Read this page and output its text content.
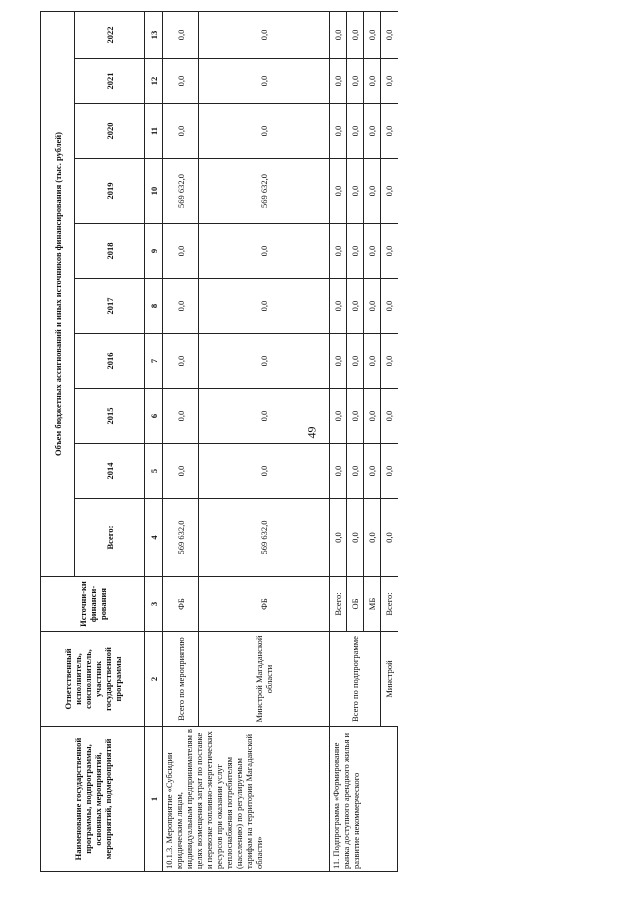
49
Наименование государственной программы, подпрограммы, основных мероприятий, мероприятий, подмероприятий	Ответственный исполнитель, соисполнитель, участник государственной программы	Источни-ки финанси-рования	Объем бюджетных ассигнований и иных источников финансирования (тыс. рублей)									
			Всего:	2014	2015	2016	2017	2018	2019	2020	2021	2022
1	2	3	4	5	6	7	8	9	10	11	12	13
10.1.3. Мероприятие «Субсидии юридическим лицам, индивидуальным предпринимателям в целях возмещения затрат по поставке и перевозке топливно-энергетических ресурсов при оказании услуг теплоснабжения потребителям (населению) по регулируемым тарифам на территории Магаданской области»	Всего по мероприятию	ФБ	569 632,0	0,0	0,0	0,0	0,0	0,0	569 632,0	0,0	0,0	0,0
	Минстрой Магаданской области	ФБ	569 632,0	0,0	0,0	0,0	0,0	0,0	569 632,0	0,0	0,0	0,0
11. Подпрограмма «Формирование рынка доступного арендного жилья и развитие некоммерческого	Всего по подпрограмме	Всего:	0,0	0,0	0,0	0,0	0,0	0,0	0,0	0,0	0,0	0,0
		ОБ	0,0	0,0	0,0	0,0	0,0	0,0	0,0	0,0	0,0	0,0
		МБ	0,0	0,0	0,0	0,0	0,0	0,0	0,0	0,0	0,0	0,0
	Минстрой	Всего:	0,0	0,0	0,0	0,0	0,0	0,0	0,0	0,0	0,0	0,0
